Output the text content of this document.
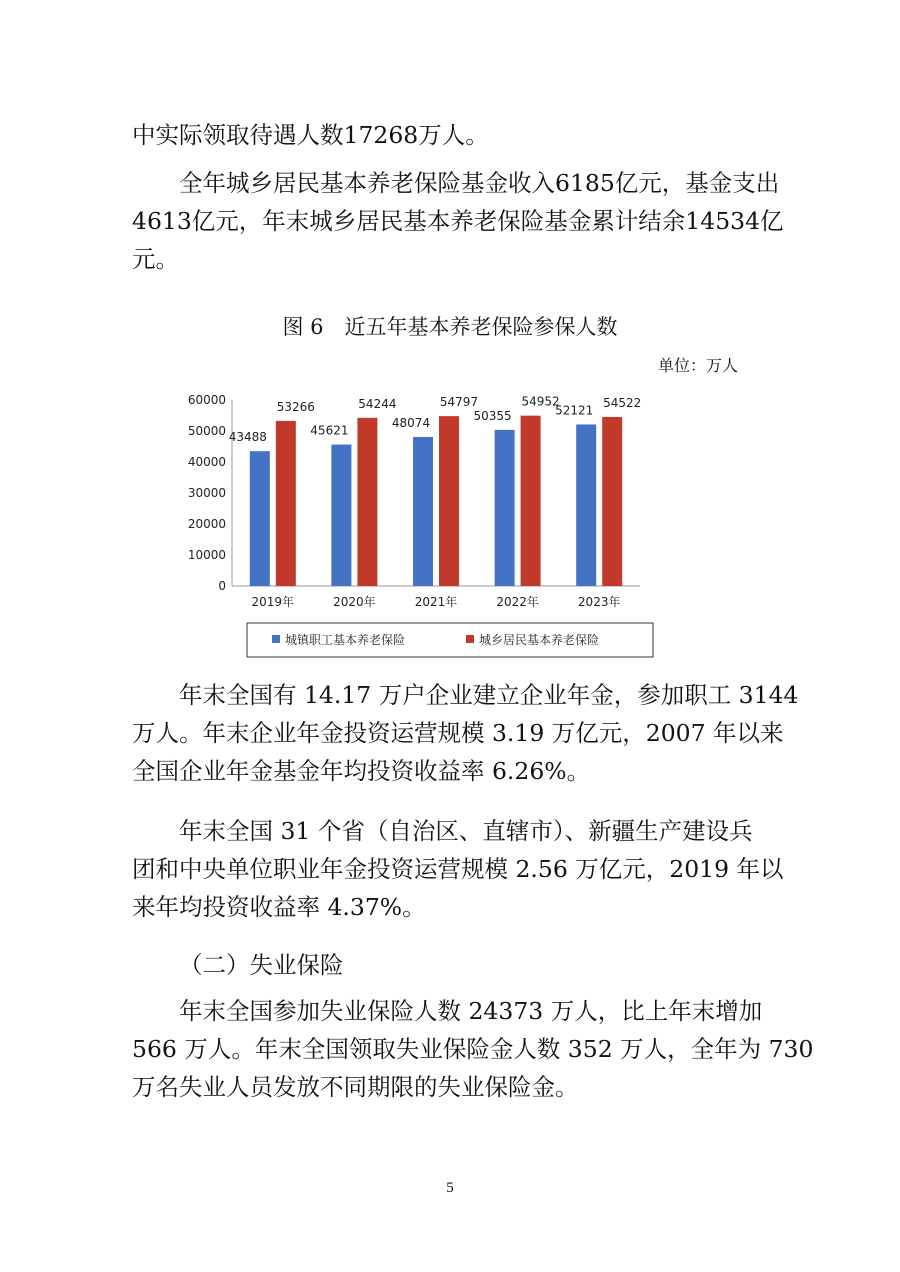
中实际领取待遇人数17268万人。
全年城乡居民基本养老保险基金收入6185亿元，基金支出
4613亿元，年末城乡居民基本养老保险基金累计结余14534亿
元。

图 6　近五年基本养老保险参保人数

单位：万人

0
10000
20000
30000
40000
50000
60000
2019年	2020年	2021年	2022年	2023年
43488
53266
45621
54244
48074
54797
50355
54952
52121
54522
城镇职工基本养老保险	城乡居民基本养老保险
年末全国有 14.17 万户企业建立企业年金，参加职工 3144
万人。年末企业年金投资运营规模 3.19 万亿元，2007 年以来
全国企业年金基金年均投资收益率 6.26%。
年末全国 31 个省（自治区、直辖市）、新疆生产建设兵
团和中央单位职业年金投资运营规模 2.56 万亿元，2019 年以
来年均投资收益率 4.37%。
（二）失业保险
年末全国参加失业保险人数 24373 万人，比上年末增加
566 万人。年末全国领取失业保险金人数 352 万人，全年为 730
万名失业人员发放不同期限的失业保险金。
5
